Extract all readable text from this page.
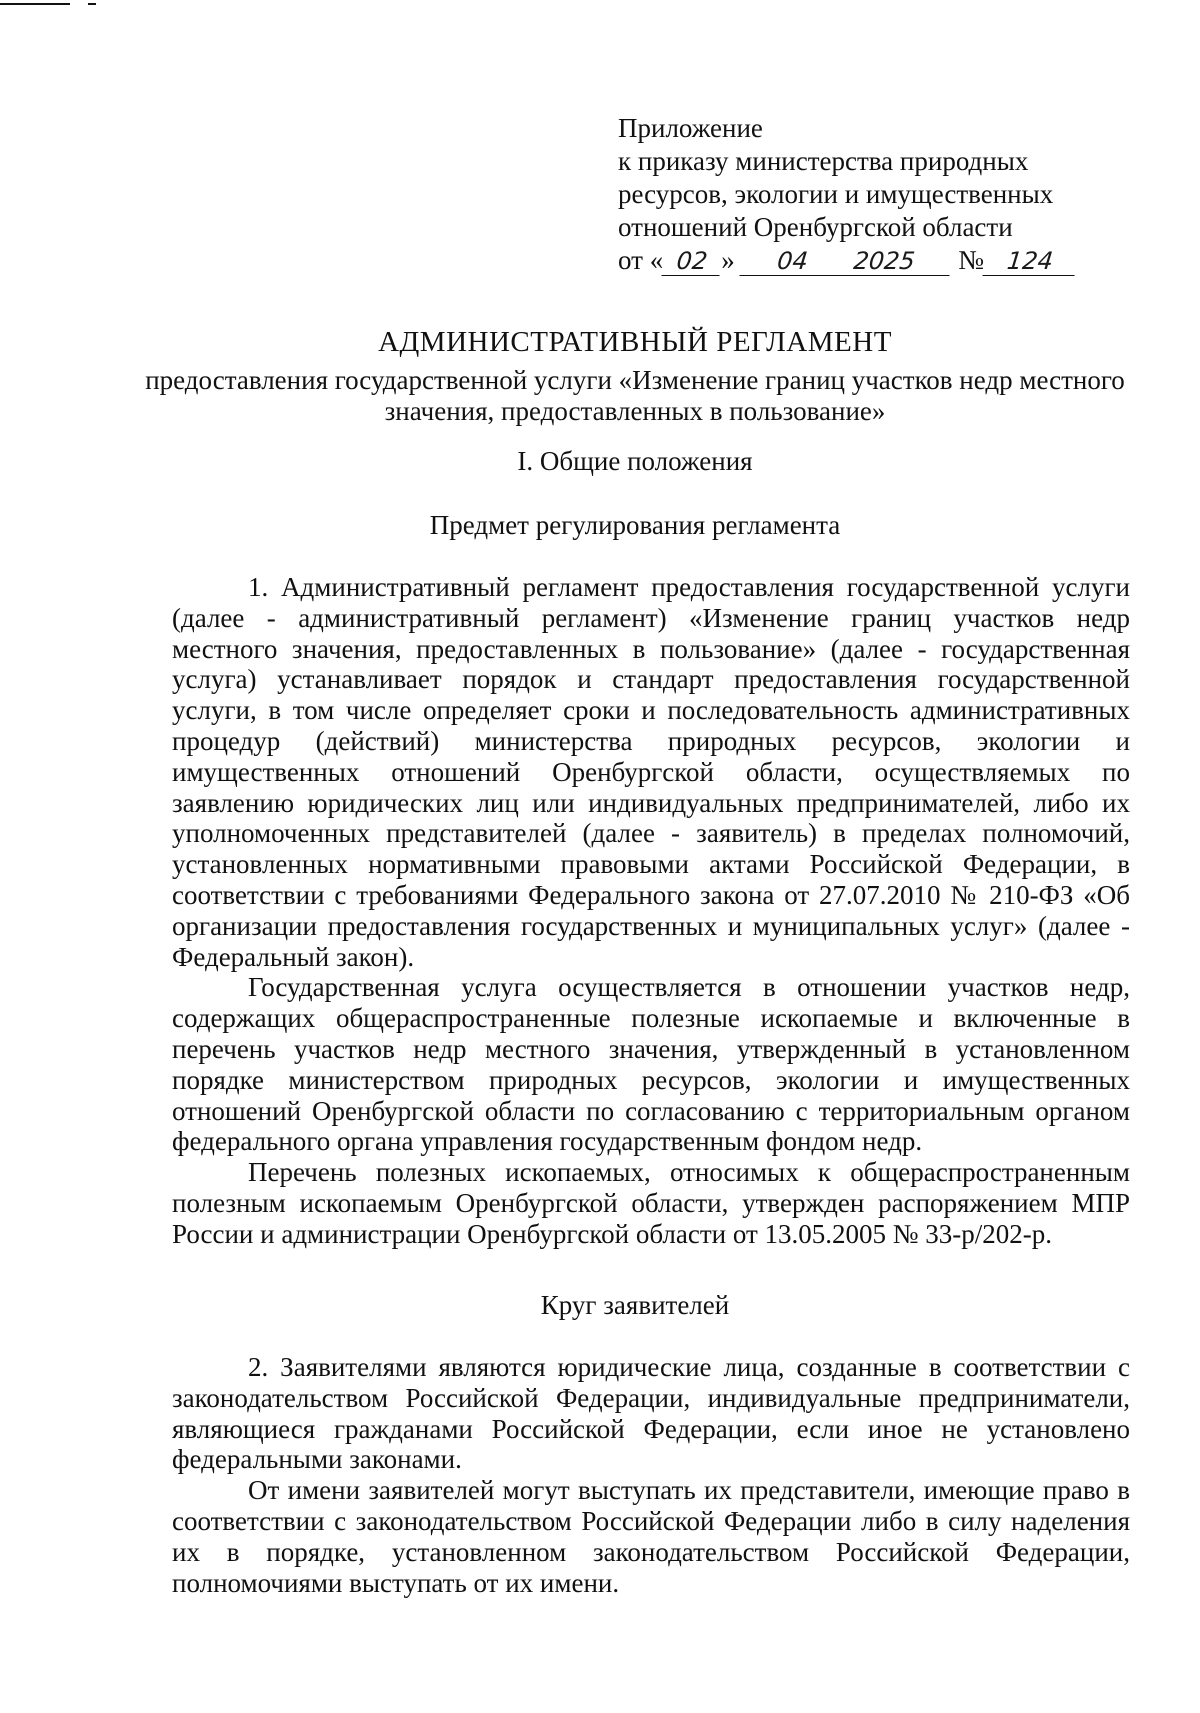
Приложение
к приказу министерства природных
ресурсов, экологии и имущественных
отношений Оренбургской области
от « 02 » 04 2025 № 124
АДМИНИСТРАТИВНЫЙ РЕГЛАМЕНТ

предоставления государственной услуги «Изменение границ участков недр местного значения, предоставленных в пользование»

I. Общие положения
Предмет регулирования регламента

1. Административный регламент предоставления государственной услуги (далее - административный регламент) «Изменение границ участков недр местного значения, предоставленных в пользование» (далее - государственная услуга) устанавливает порядок и стандарт предоставления государственной услуги, в том числе определяет сроки и последовательность административных процедур (действий) министерства природных ресурсов, экологии и имущественных отношений Оренбургской области, осуществляемых по заявлению юридических лиц или индивидуальных предпринимателей, либо их уполномоченных представителей (далее - заявитель) в пределах полномочий, установленных нормативными правовыми актами Российской Федерации, в соответствии с требованиями Федерального закона от 27.07.2010 № 210-ФЗ «Об организации предоставления государственных и муниципальных услуг» (далее - Федеральный закон).

Государственная услуга осуществляется в отношении участков недр, содержащих общераспространенные полезные ископаемые и включенные в перечень участков недр местного значения, утвержденный в установленном порядке министерством природных ресурсов, экологии и имущественных отношений Оренбургской области по согласованию с территориальным органом федерального органа управления государственным фондом недр.

Перечень полезных ископаемых, относимых к общераспространенным полезным ископаемым Оренбургской области, утвержден распоряжением МПР России и администрации Оренбургской области от 13.05.2005 № 33-р/202-р.

Круг заявителей

2. Заявителями являются юридические лица, созданные в соответствии с законодательством Российской Федерации, индивидуальные предприниматели, являющиеся гражданами Российской Федерации, если иное не установлено федеральными законами.

От имени заявителей могут выступать их представители, имеющие право в соответствии с законодательством Российской Федерации либо в силу наделения их в порядке, установленном законодательством Российской Федерации, полномочиями выступать от их имени.
